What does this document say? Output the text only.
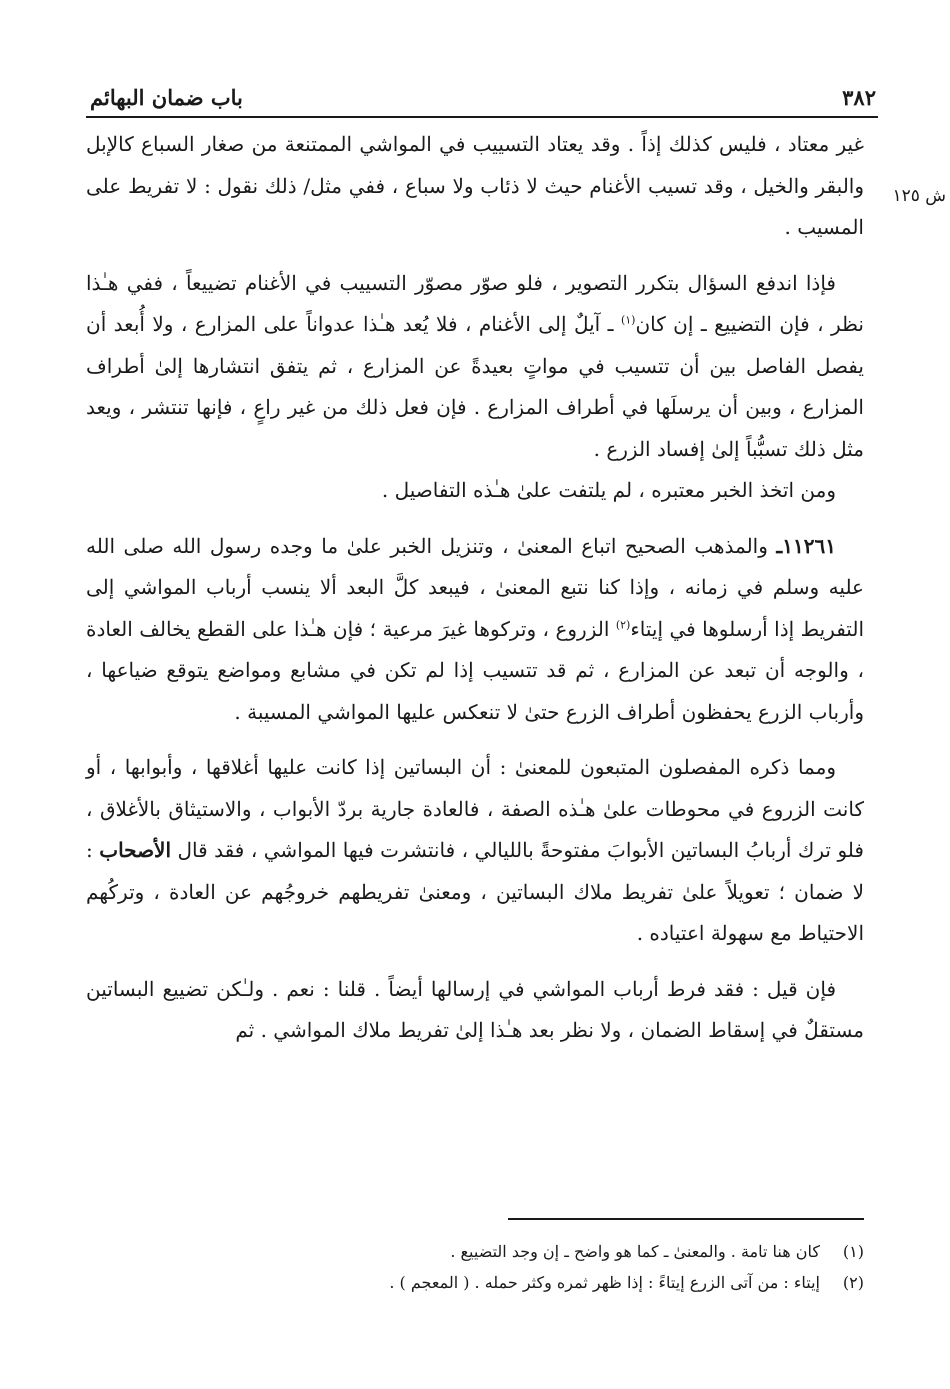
٣٨٢
باب ضمان البهائم
ش ١٢٥

غير معتاد ، فليس كذلك إذاً . وقد يعتاد التسييب في المواشي الممتنعة من صغار السباع كالإبل والبقر والخيل ، وقد تسيب الأغنام حيث لا ذئاب ولا سباع ، ففي مثل/ ذلك نقول : لا تفريط على المسيب .

فإذا اندفع السؤال بتكرر التصوير ، فلو صوّر مصوّر التسييب في الأغنام تضييعاً ، ففي هـٰذا نظر ، فإن التضييع ـ إن كان$^{(١)}$ ـ آيلٌ إلى الأغنام ، فلا يُعد هـٰذا عدواناً على المزارع ، ولا أُبعد أن يفصل الفاصل بين أن تتسيب في مواتٍ بعيدةً عن المزارع ، ثم يتفق انتشارها إلىٰ أطراف المزارع ، وبين أن يرسلَها في أطراف المزارع . فإن فعل ذلك من غير راعٍ ، فإنها تنتشر ، ويعد مثل ذلك تسبُّباً إلىٰ إفساد الزرع .

ومن اتخذ الخبر معتبره ، لم يلتفت علىٰ هـٰذه التفاصيل .

١١٢٦١ـ والمذهب الصحيح اتباع المعنىٰ ، وتنزيل الخبر علىٰ ما وجده رسول الله صلى الله عليه وسلم في زمانه ، وإذا كنا نتبع المعنىٰ ، فيبعد كلَّ البعد ألا ينسب أرباب المواشي إلى التفريط إذا أرسلوها في إيتاء$^{(٢)}$ الزروع ، وتركوها غيرَ مرعية ؛ فإن هـٰذا على القطع يخالف العادة ، والوجه أن تبعد عن المزارع ، ثم قد تتسيب إذا لم تكن في مشابع ومواضع يتوقع ضياعها ، وأرباب الزرع يحفظون أطراف الزرع حتىٰ لا تنعكس عليها المواشي المسيبة .

ومما ذكره المفصلون المتبعون للمعنىٰ : أن البساتين إذا كانت عليها أغلاقها ، وأبوابها ، أو كانت الزروع في محوطات علىٰ هـٰذه الصفة ، فالعادة جارية بردّ الأبواب ، والاستيثاق بالأغلاق ، فلو ترك أربابُ البساتين الأبوابَ مفتوحةً بالليالي ، فانتشرت فيها المواشي ، فقد قال الأصحاب : لا ضمان ؛ تعويلاً علىٰ تفريط ملاك البساتين ، ومعنىٰ تفريطهم خروجُهم عن العادة ، وتركُهم الاحتياط مع سهولة اعتياده .

فإن قيل : فقد فرط أرباب المواشي في إرسالها أيضاً . قلنا : نعم . ولـٰكن تضييع البساتين مستقلٌ في إسقاط الضمان ، ولا نظر بعد هـٰذا إلىٰ تفريط ملاك المواشي . ثم

(١)كان هنا تامة . والمعنىٰ ـ كما هو واضح ـ إن وجد التضييع .

(٢)إيتاء : من آتى الزرع إيتاءً : إذا ظهر ثمره وكثر حمله . ( المعجم ) .
